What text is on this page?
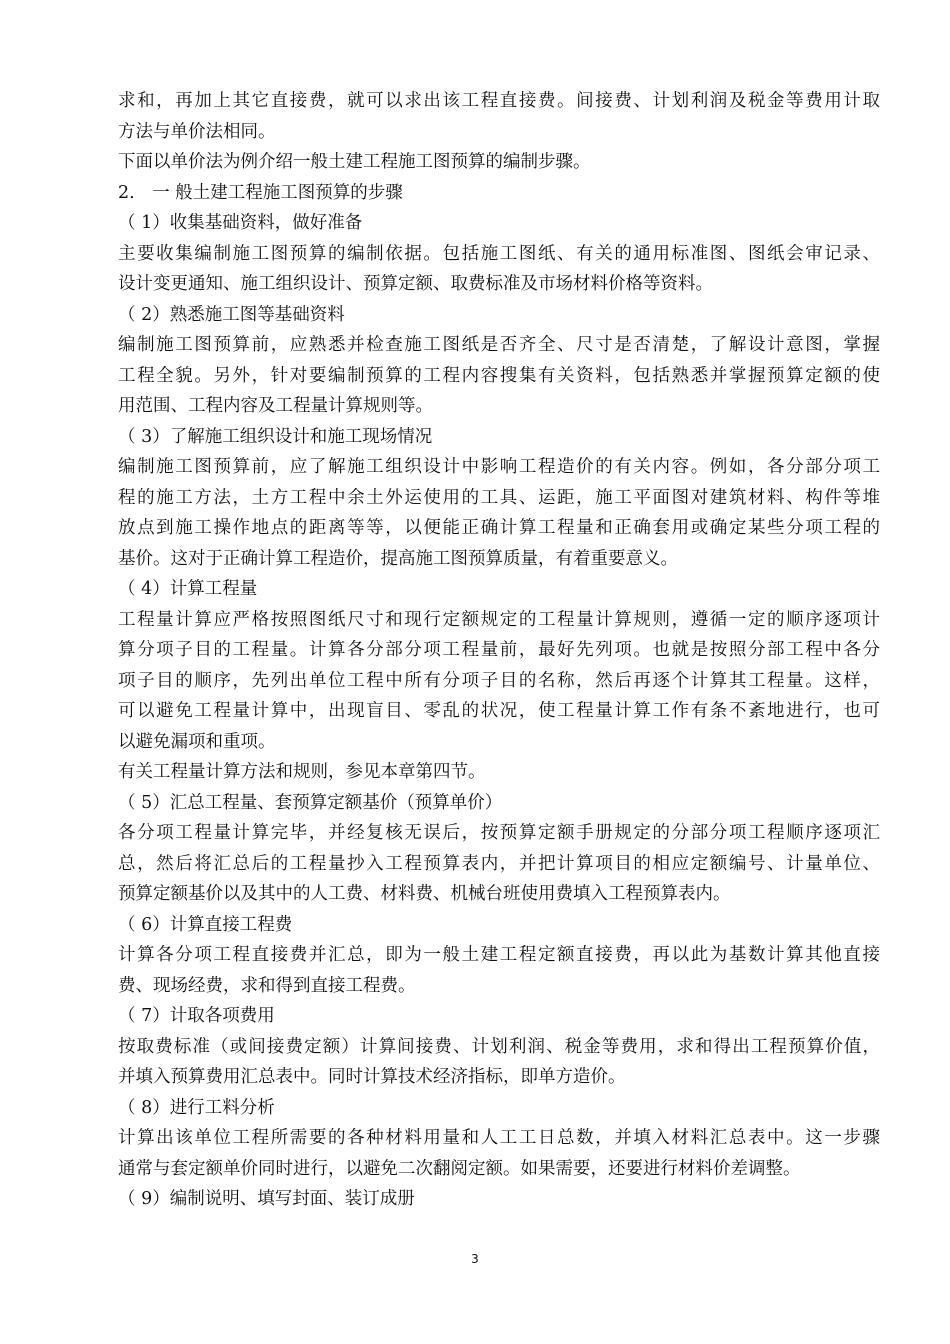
求和，再加上其它直接费，就可以求出该工程直接费。间接费、计划利润及税金等费用计取
方法与单价法相同。
下面以单价法为例介绍一般土建工程施工图预算的编制步骤。
2.　一 般土建工程施工图预算的步骤
（ 1）收集基础资料，做好准备
主要收集编制施工图预算的编制依据。包括施工图纸、有关的通用标准图、图纸会审记录、
设计变更通知、施工组织设计、预算定额、取费标准及市场材料价格等资料。
（ 2）熟悉施工图等基础资料
编制施工图预算前，应熟悉并检查施工图纸是否齐全、尺寸是否清楚，了解设计意图，掌握
工程全貌。另外，针对要编制预算的工程内容搜集有关资料，包括熟悉并掌握预算定额的使
用范围、工程内容及工程量计算规则等。
（ 3）了解施工组织设计和施工现场情况
编制施工图预算前，应了解施工组织设计中影响工程造价的有关内容。例如，各分部分项工
程的施工方法，土方工程中余土外运使用的工具、运距，施工平面图对建筑材料、构件等堆
放点到施工操作地点的距离等等，以便能正确计算工程量和正确套用或确定某些分项工程的
基价。这对于正确计算工程造价，提高施工图预算质量，有着重要意义。
（ 4）计算工程量
工程量计算应严格按照图纸尺寸和现行定额规定的工程量计算规则，遵循一定的顺序逐项计
算分项子目的工程量。计算各分部分项工程量前，最好先列项。也就是按照分部工程中各分
项子目的顺序，先列出单位工程中所有分项子目的名称，然后再逐个计算其工程量。这样，
可以避免工程量计算中，出现盲目、零乱的状况，使工程量计算工作有条不紊地进行，也可
以避免漏项和重项。
有关工程量计算方法和规则，参见本章第四节。
（ 5）汇总工程量、套预算定额基价（预算单价）
各分项工程量计算完毕，并经复核无误后，按预算定额手册规定的分部分项工程顺序逐项汇
总，然后将汇总后的工程量抄入工程预算表内，并把计算项目的相应定额编号、计量单位、
预算定额基价以及其中的人工费、材料费、机械台班使用费填入工程预算表内。
（ 6）计算直接工程费
计算各分项工程直接费并汇总，即为一般土建工程定额直接费，再以此为基数计算其他直接
费、现场经费，求和得到直接工程费。
（ 7）计取各项费用
按取费标准（或间接费定额）计算间接费、计划利润、税金等费用，求和得出工程预算价值，
并填入预算费用汇总表中。同时计算技术经济指标，即单方造价。
（ 8）进行工料分析
计算出该单位工程所需要的各种材料用量和人工工日总数，并填入材料汇总表中。这一步骤
通常与套定额单价同时进行，以避免二次翻阅定额。如果需要，还要进行材料价差调整。
（ 9）编制说明、填写封面、装订成册
3
